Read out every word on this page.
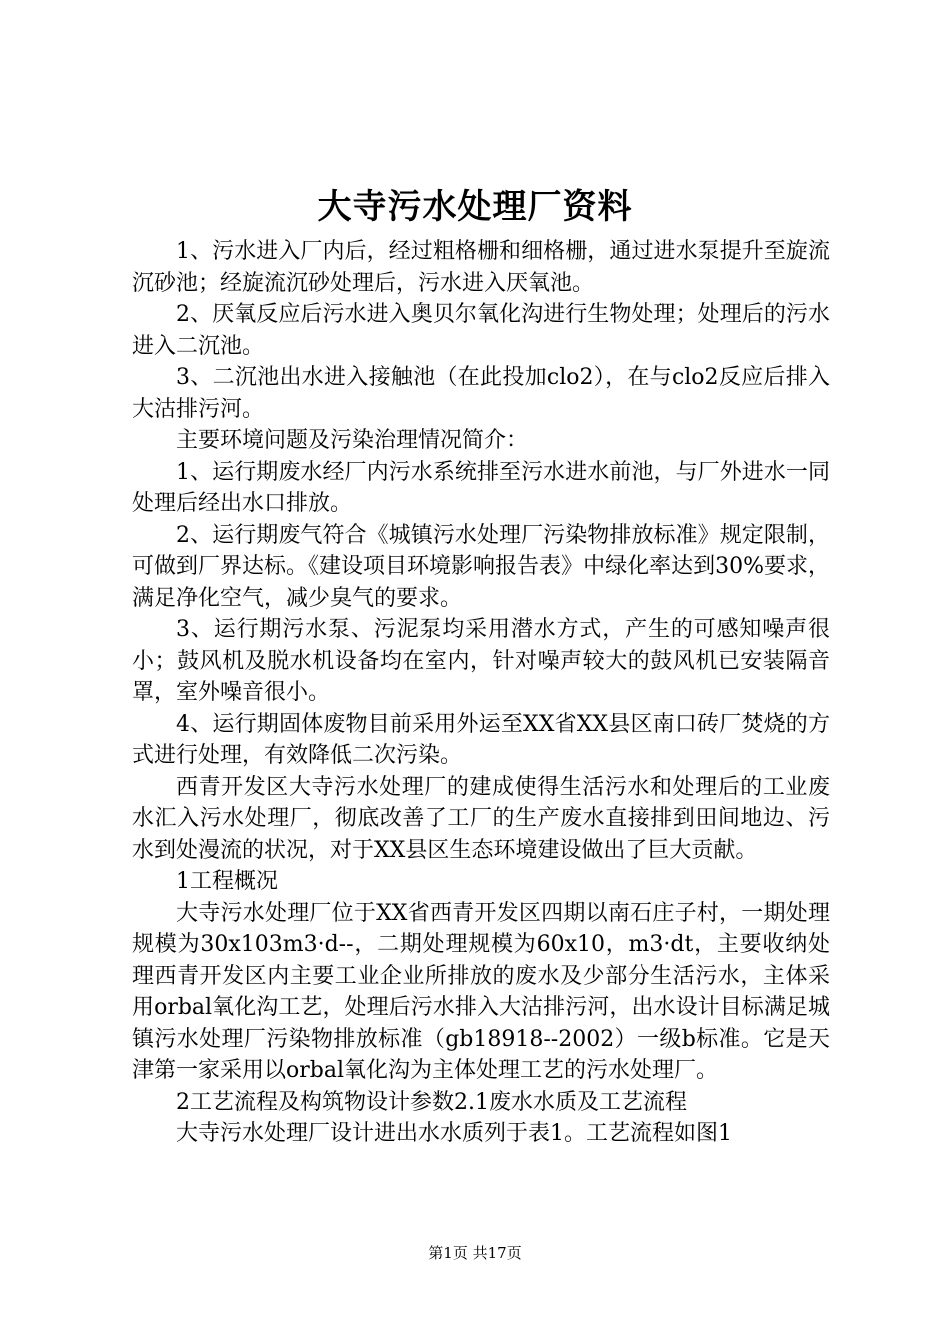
大寺污水处理厂资料

1、污水进入厂内后，经过粗格栅和细格栅，通过进水泵提升至旋流沉砂池；经旋流沉砂处理后，污水进入厌氧池。

2、厌氧反应后污水进入奥贝尔氧化沟进行生物处理；处理后的污水进入二沉池。

3、二沉池出水进入接触池（在此投加clo2），在与clo2反应后排入大沽排污河。

主要环境问题及污染治理情况简介：

1、运行期废水经厂内污水系统排至污水进水前池，与厂外进水一同处理后经出水口排放。

2、运行期废气符合《城镇污水处理厂污染物排放标准》规定限制，可做到厂界达标。《建设项目环境影响报告表》中绿化率达到30%要求，满足净化空气，减少臭气的要求。

3、运行期污水泵、污泥泵均采用潜水方式，产生的可感知噪声很小；鼓风机及脱水机设备均在室内，针对噪声较大的鼓风机已安装隔音罩，室外噪音很小。

4、运行期固体废物目前采用外运至XX省XX县区南口砖厂焚烧的方式进行处理，有效降低二次污染。

西青开发区大寺污水处理厂的建成使得生活污水和处理后的工业废水汇入污水处理厂，彻底改善了工厂的生产废水直接排到田间地边、污水到处漫流的状况，对于XX县区生态环境建设做出了巨大贡献。

1工程概况

大寺污水处理厂位于XX省西青开发区四期以南石庄子村，一期处理规模为30x103m3·d--，二期处理规模为60x10，m3·dt，主要收纳处理西青开发区内主要工业企业所排放的废水及少部分生活污水，主体采用orbal氧化沟工艺，处理后污水排入大沽排污河，出水设计目标满足城镇污水处理厂污染物排放标准（gb18918--2002）一级b标准。它是天津第一家采用以orbal氧化沟为主体处理工艺的污水处理厂。

2工艺流程及构筑物设计参数2.1废水水质及工艺流程

大寺污水处理厂设计进出水水质列于表1。工艺流程如图1

第1页 共17页
